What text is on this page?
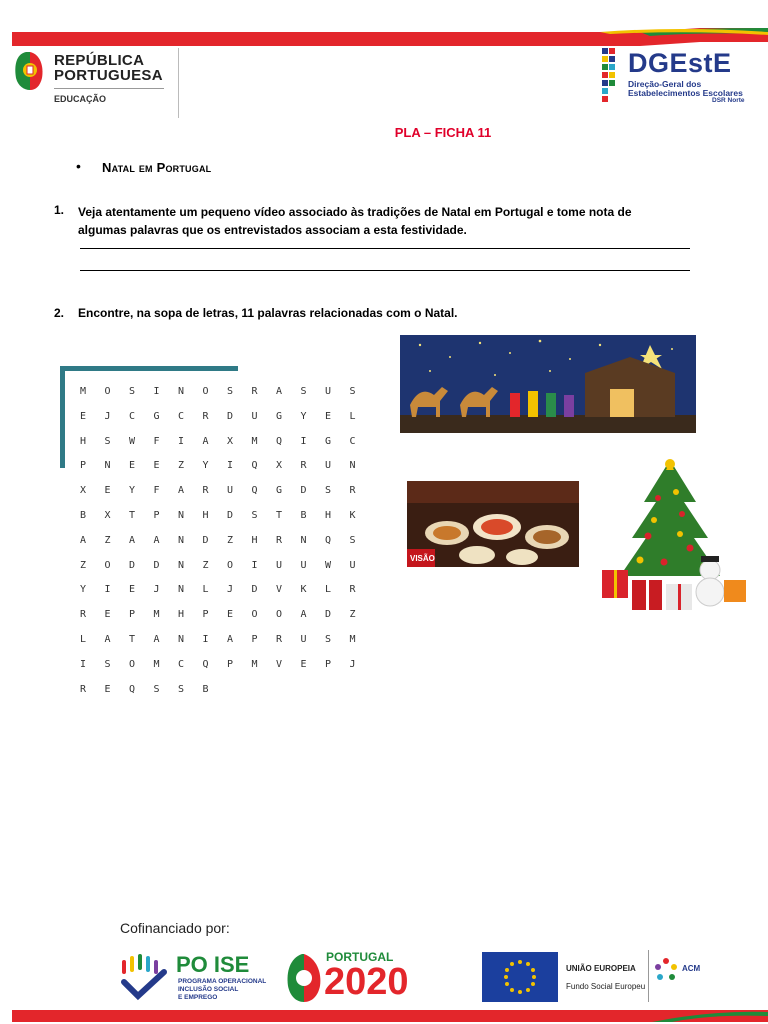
REPÚBLICA
PORTUGUESA
EDUCAÇÃO
DGEstE
Direção-Geral dos
Estabelecimentos Escolares
DSR Norte
PLA – FICHA 11
• Natal em Portugal
1. Veja atentamente um pequeno vídeo associado às tradições de Natal em Portugal e tome nota de algumas palavras que os entrevistados associam a esta festividade.
2. Encontre, na sopa de letras, 11 palavras relacionadas com o Natal.
M	O	S	I	N	O	S	R	A	S	U	S
E	J	C	G	C	R	D	U	G	Y	E	L
H	S	W	F	I	A	X	M	Q	I	G	C
P	N	E	E	Z	Y	I	Q	X	R	U	N
X	E	Y	F	A	R	U	Q	G	D	S	R
B	X	T	P	N	H	D	S	T	B	H	K
A	Z	A	A	N	D	Z	H	R	N	Q	S
Z	O	D	D	N	Z	O	I	U	U	W	U
Y	I	E	J	N	L	J	D	V	K	L	R
R	E	P	M	H	P	E	O	O	A	D	Z
L	A	T	A	N	I	A	P	R	U	S	M
I	S	O	M	C	Q	P	M	V	E	P	J
R	E	Q	S	S	B
VISÃO
Cofinanciado por:
PO ISE
PROGRAMA OPERACIONAL
INCLUSÃO SOCIAL
E EMPREGO
PORTUGAL
2020	UNIÃO EUROPEIA
Fundo Social Europeu
ACM
